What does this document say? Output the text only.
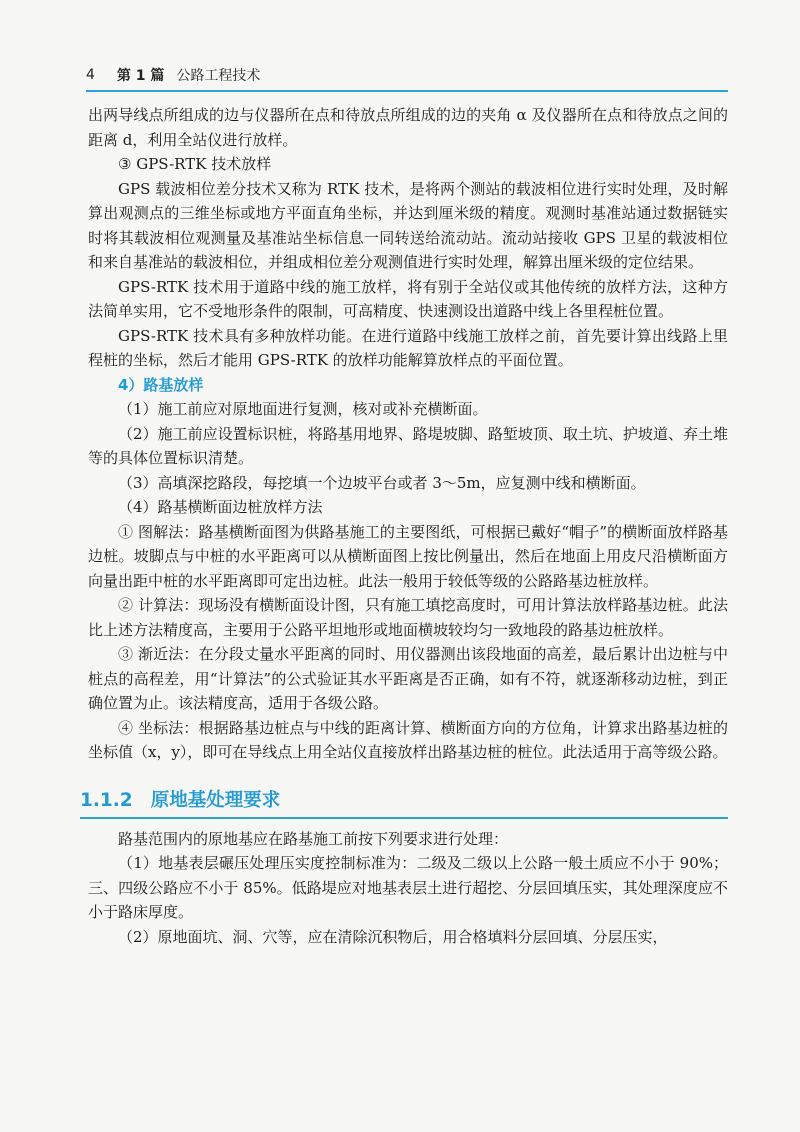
4 第 1 篇 公路工程技术

出两导线点所组成的边与仪器所在点和待放点所组成的边的夹角 α 及仪器所在点和待放点之间的距离 d，利用全站仪进行放样。

③ GPS-RTK 技术放样

GPS 载波相位差分技术又称为 RTK 技术，是将两个测站的载波相位进行实时处理，及时解算出观测点的三维坐标或地方平面直角坐标，并达到厘米级的精度。观测时基准站通过数据链实时将其载波相位观测量及基准站坐标信息一同转送给流动站。流动站接收 GPS 卫星的载波相位和来自基准站的载波相位，并组成相位差分观测值进行实时处理，解算出厘米级的定位结果。

GPS-RTK 技术用于道路中线的施工放样，将有别于全站仪或其他传统的放样方法，这种方法简单实用，它不受地形条件的限制，可高精度、快速测设出道路中线上各里程桩位置。

GPS-RTK 技术具有多种放样功能。在进行道路中线施工放样之前，首先要计算出线路上里程桩的坐标，然后才能用 GPS-RTK 的放样功能解算放样点的平面位置。

4）路基放样

（1）施工前应对原地面进行复测，核对或补充横断面。

（2）施工前应设置标识桩，将路基用地界、路堤坡脚、路堑坡顶、取土坑、护坡道、弃土堆等的具体位置标识清楚。

（3）高填深挖路段，每挖填一个边坡平台或者 3～5m，应复测中线和横断面。

（4）路基横断面边桩放样方法

① 图解法：路基横断面图为供路基施工的主要图纸，可根据已戴好“帽子”的横断面放样路基边桩。坡脚点与中桩的水平距离可以从横断面图上按比例量出，然后在地面上用皮尺沿横断面方向量出距中桩的水平距离即可定出边桩。此法一般用于较低等级的公路路基边桩放样。

② 计算法：现场没有横断面设计图，只有施工填挖高度时，可用计算法放样路基边桩。此法比上述方法精度高，主要用于公路平坦地形或地面横坡较均匀一致地段的路基边桩放样。

③ 渐近法：在分段丈量水平距离的同时、用仪器测出该段地面的高差，最后累计出边桩与中桩点的高程差，用“计算法”的公式验证其水平距离是否正确，如有不符，就逐渐移动边桩，到正确位置为止。该法精度高，适用于各级公路。

④ 坐标法：根据路基边桩点与中线的距离计算、横断面方向的方位角，计算求出路基边桩的坐标值（x，y），即可在导线点上用全站仪直接放样出路基边桩的桩位。此法适用于高等级公路。

1.1.2 原地基处理要求

路基范围内的原地基应在路基施工前按下列要求进行处理：

（1）地基表层碾压处理压实度控制标准为：二级及二级以上公路一般土质应不小于 90%；三、四级公路应不小于 85%。低路堤应对地基表层土进行超挖、分层回填压实，其处理深度应不小于路床厚度。

（2）原地面坑、洞、穴等，应在清除沉积物后，用合格填料分层回填、分层压实，
